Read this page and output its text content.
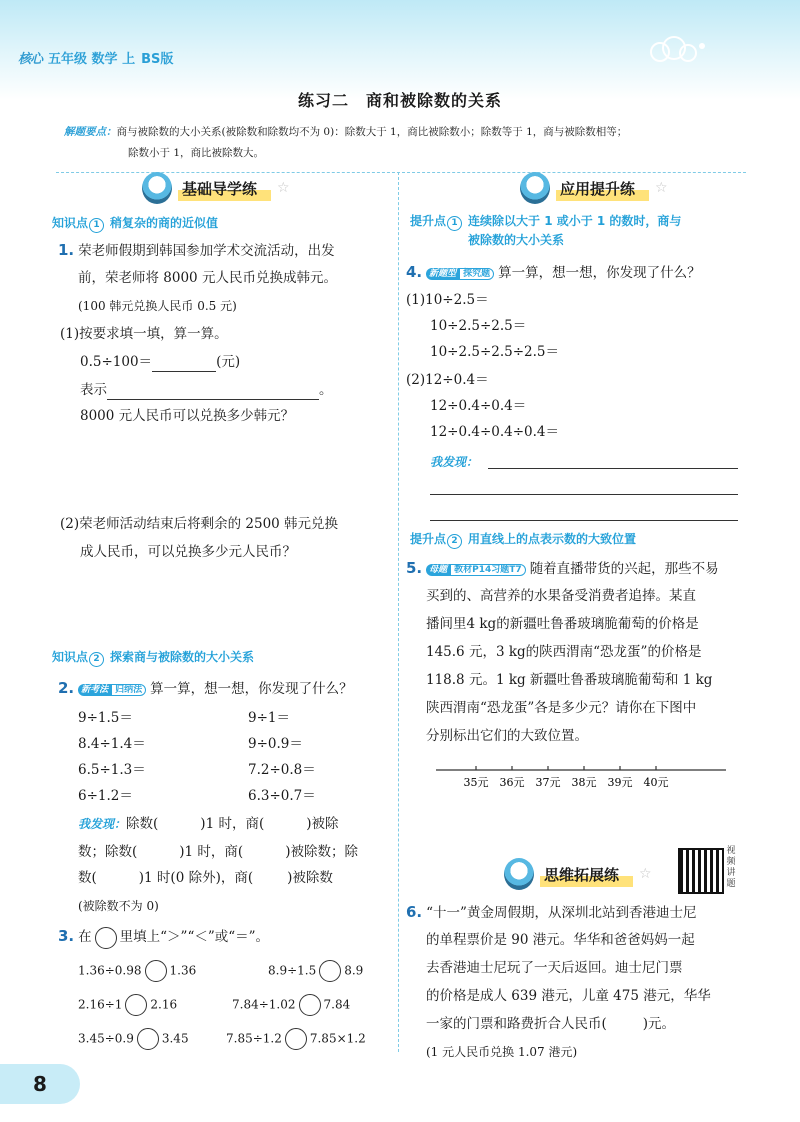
核心 五年级 数学 上 BS版
练习二　商和被除数的关系
解题要点：商与被除数的大小关系(被除数和除数均不为 0)：除数大于 1，商比被除数小；除数等于 1，商与被除数相等；
除数小于 1，商比被除数大。
基础导学练	☆
知识点 1 稍复杂的商的近似值
1. 荣老师假期到韩国参加学术交流活动，出发
前，荣老师将 8000 元人民币兑换成韩元。
(100 韩元兑换人民币 0.5 元)
(1)按要求填一填，算一算。
0.5÷100＝	(元)
表示	。
8000 元人民币可以兑换多少韩元？
(2)荣老师活动结束后将剩余的 2500 韩元兑换
成人民币，可以兑换多少元人民币？
知识点 2 探索商与被除数的大小关系
2. 新考法 归纳法 算一算，想一想，你发现了什么？
9÷1.5＝	9÷1＝
8.4÷1.4＝	9÷0.9＝
6.5÷1.3＝	7.2÷0.8＝
6÷1.2＝	6.3÷0.7＝
我发现：除数(	)1 时，商(	)被除
数；除数(	)1 时，商(	)被除数；除
数(	)1 时(0 除外)，商(	)被除数
(被除数不为 0)
3. 在 里填上“＞”“＜”或“＝”。
1.36÷0.98 1.36	8.9÷1.5 8.9
2.16÷1 2.16	7.84÷1.02 7.84
3.45÷0.9 3.45	7.85÷1.2 7.85×1.2
应用提升练	☆
提升点 1 连续除以大于 1 或小于 1 的数时，商与
被除数的大小关系
4. 新题型 探究题 算一算，想一想，你发现了什么？
(1)10÷2.5＝
10÷2.5÷2.5＝
10÷2.5÷2.5÷2.5＝
(2)12÷0.4＝
12÷0.4÷0.4＝
12÷0.4÷0.4÷0.4＝
我发现：
提升点 2 用直线上的点表示数的大致位置
5. 母题 教材P14习题T7 随着直播带货的兴起，那些不易
买到的、高营养的水果备受消费者追捧。某直
播间里4 kg的新疆吐鲁番玻璃脆葡萄的价格是
145.6 元，3 kg的陕西渭南“恐龙蛋”的价格是
118.8 元。1 kg 新疆吐鲁番玻璃脆葡萄和 1 kg
陕西渭南“恐龙蛋”各是多少元？请你在下图中
分别标出它们的大致位置。
35元 36元 37元 38元 39元 40元
思维拓展练	☆
视频讲题
6. “十一”黄金周假期，从深圳北站到香港迪士尼
的单程票价是 90 港元。华华和爸爸妈妈一起
去香港迪士尼玩了一天后返回。迪士尼门票
的价格是成人 639 港元，儿童 475 港元，华华
一家的门票和路费折合人民币(	)元。
(1 元人民币兑换 1.07 港元)
8
